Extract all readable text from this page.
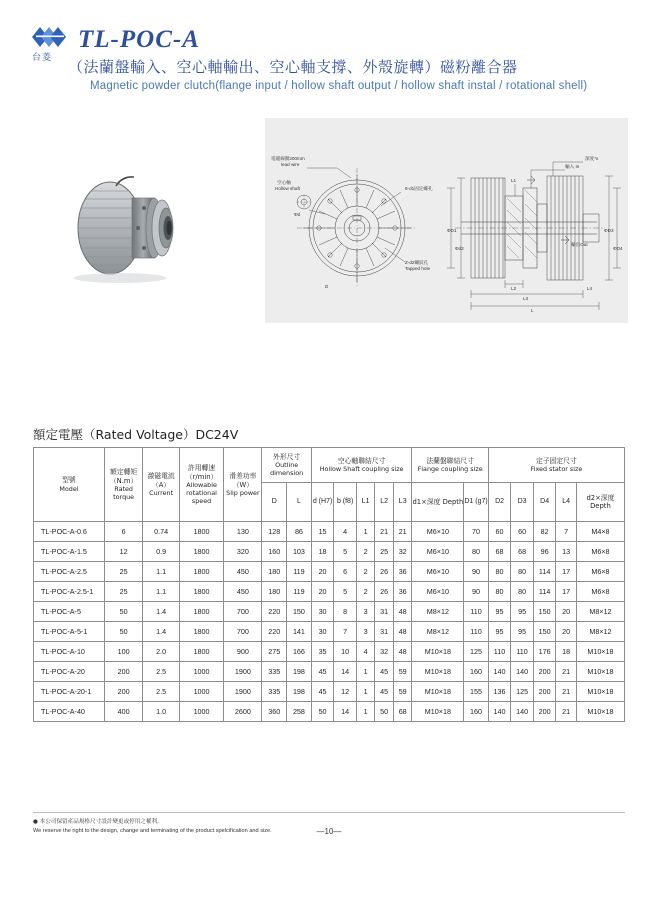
台菱
TL-POC-A
（法蘭盤輸入、空心軸輸出、空心軸支撐、外殼旋轉）磁粉離合器
Magnetic powder clutch(flange input / hollow shaft output / hollow shaft instal / rotational shell)
電磁線圈200mm
lead wire
空心軸
Hollow shaft
Φd
6-d1固定螺孔
Z-d2螺紋孔
Tapped hole
輸入 In
深度*x
輸出Out
ΦD1
Φd2
ΦD3
ΦD4
L1
L2
L3
L
L4
D
額定電壓（Rated Voltage）DC24V
型號
Model

額定轉矩
（N.m）
Rated torque

激磁電流
（A）
Current

許用轉速
（r/min）
Allowable rotational speed

滑差功率
（W）
Slip power

外形尺寸
Outline dimension

空心軸聯結尺寸
Hollow Shaft coupling size

法蘭盤聯結尺寸
Flange coupling size

定子固定尺寸
Fixed stator size

					D	L	d (H7)	b (f8)	L1	L2	L3	d1×深度 Depth	D1 (g7)	D2	D3	D4	L4	d2×深度 Depth

TL-POC-A-0.6	6	0.74	1800	130	128	86	15	4	1	21	21	M6×10	70	60	60	82	7	M4×8
TL-POC-A-1.5	12	0.9	1800	320	160	103	18	5	2	25	32	M6×10	80	68	68	96	13	M6×8
TL-POC-A-2.5	25	1.1	1800	450	180	119	20	6	2	26	36	M6×10	90	80	80	114	17	M6×8
TL-POC-A-2.5-1	25	1.1	1800	450	180	119	20	5	2	26	36	M6×10	90	80	80	114	17	M6×8
TL-POC-A-5	50	1.4	1800	700	220	150	30	8	3	31	48	M8×12	110	95	95	150	20	M8×12
TL-POC-A-5-1	50	1.4	1800	700	220	141	30	7	3	31	48	M8×12	110	95	95	150	20	M8×12
TL-POC-A-10	100	2.0	1800	900	275	166	35	10	4	32	48	M10×18	125	110	110	176	18	M10×18
TL-POC-A-20	200	2.5	1000	1900	335	198	45	14	1	45	59	M10×18	160	140	140	200	21	M10×18
TL-POC-A-20-1	200	2.5	1000	1900	335	198	45	12	1	45	59	M10×18	155	136	125	200	21	M10×18
TL-POC-A-40	400	1.0	1000	2600	360	258	50	14	1	50	68	M10×18	160	140	140	200	21	M10×18
● 本公司保留產品規格尺寸設計變更或停用之權利。
We reserve the right to the design, change and terminating of the product spelcification and size.	—10—
